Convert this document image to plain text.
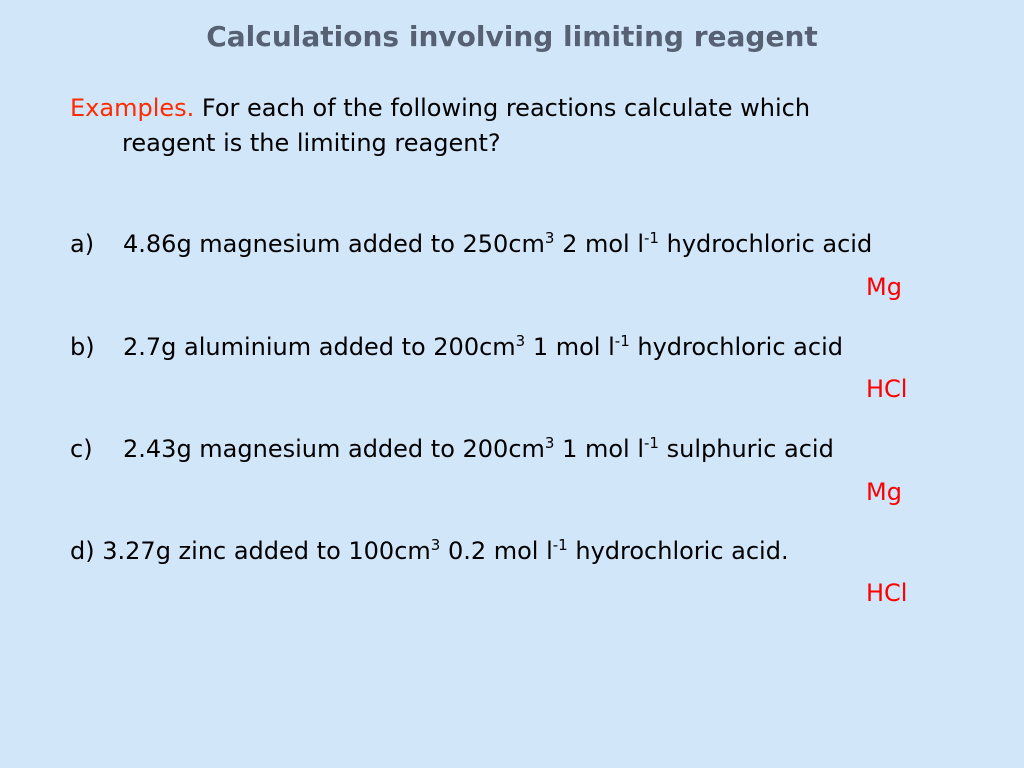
Calculations involving limiting reagent
Examples. For each of the following reactions calculate which
reagent is the limiting reagent?
a) 4.86g magnesium added to $250cm^3$ 2 mol $l^{-1}$ hydrochloric acid
Mg
b) 2.7g aluminium added to $200cm^3$ 1 mol $l^{-1}$ hydrochloric acid
HCl
c) 2.43g magnesium added to $200cm^3$ 1 mol $l^{-1}$ sulphuric acid
Mg
d) 3.27g zinc added to $100cm^3$ 0.2 mol $l^{-1}$ hydrochloric acid.
HCl
